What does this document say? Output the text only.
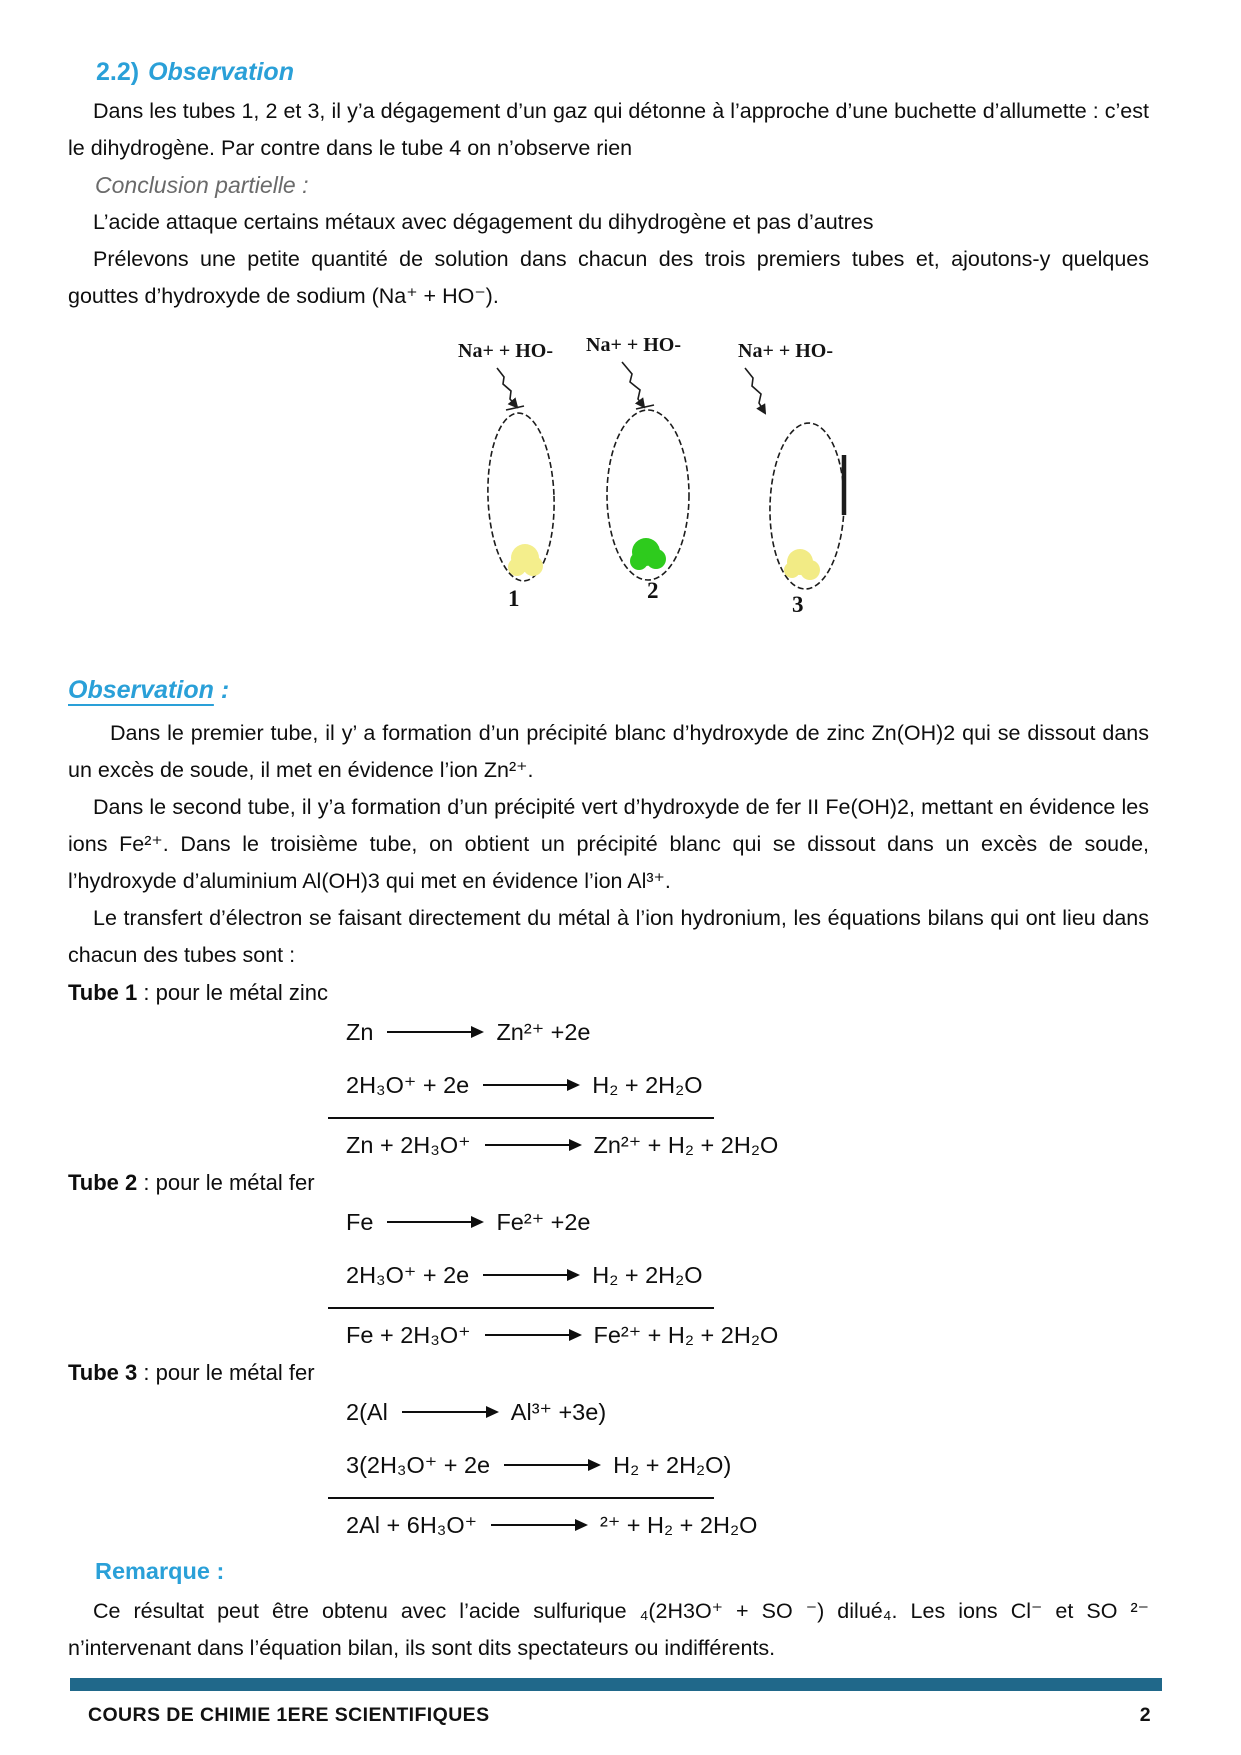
2.2) Observation

Dans les tubes 1, 2 et 3, il y’a dégagement d’un gaz qui détonne à l’approche d’une buchette d’allumette : c’est le dihydrogène. Par contre dans le tube 4 on n’observe rien

Conclusion partielle :

L’acide attaque certains métaux avec dégagement du dihydrogène et pas d’autres

Prélevons une petite quantité de solution dans chacun des trois premiers tubes et, ajoutons-y quelques gouttes d’hydroxyde de sodium (Na⁺ + HO⁻).

Na+ + HO-
1
Na+ + HO-
2
Na+ + HO-
3
Observation :

Dans le premier tube, il y’ a formation d’un précipité blanc d’hydroxyde de zinc Zn(OH)2 qui se dissout dans un excès de soude, il met en évidence l’ion Zn²⁺.

Dans le second tube, il y’a formation d’un précipité vert d’hydroxyde de fer II Fe(OH)2, mettant en évidence les ions Fe²⁺. Dans le troisième tube, on obtient un précipité blanc qui se dissout dans un excès de soude, l’hydroxyde d’aluminium Al(OH)3 qui met en évidence l’ion Al³⁺.

Le transfert d’électron se faisant directement du métal à l’ion hydronium, les équations bilans qui ont lieu dans chacun des tubes sont :

Tube 1 : pour le métal zinc

Zn	Zn²⁺ +2e
2H₃O⁺ + 2e	H₂ + 2H₂O
Zn + 2H₃O⁺	Zn²⁺ + H₂ + 2H₂O

Tube 2 : pour le métal fer

Fe	Fe²⁺ +2e
2H₃O⁺ + 2e	H₂ + 2H₂O
Fe + 2H₃O⁺	Fe²⁺ + H₂ + 2H₂O

Tube 3 : pour le métal fer

2(Al	Al³⁺ +3e)
3(2H₃O⁺ + 2e	H₂ + 2H₂O)
2Al + 6H₃O⁺	²⁺ + H₂ + 2H₂O
Remarque :

Ce résultat peut être obtenu avec l’acide sulfurique ₄(2H3O⁺ + SO ⁻) dilué₄. Les ions Cl⁻ et SO ²⁻ n’intervenant dans l’équation bilan, ils sont dits spectateurs ou indifférents.

COURS DE CHIMIE 1ERE SCIENTIFIQUES	2
